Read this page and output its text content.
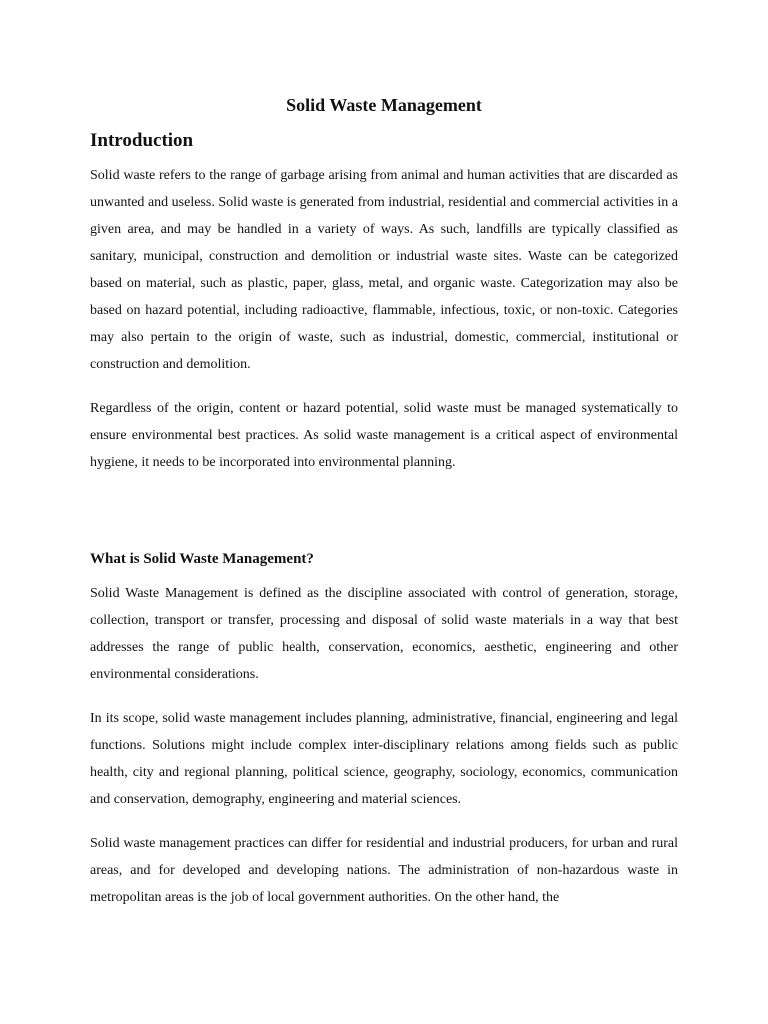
Solid Waste Management
Introduction

Solid waste refers to the range of garbage arising from animal and human activities that are discarded as unwanted and useless. Solid waste is generated from industrial, residential and commercial activities in a given area, and may be handled in a variety of ways. As such, landfills are typically classified as sanitary, municipal, construction and demolition or industrial waste sites. Waste can be categorized based on material, such as plastic, paper, glass, metal, and organic waste. Categorization may also be based on hazard potential, including radioactive, flammable, infectious, toxic, or non-toxic. Categories may also pertain to the origin of waste, such as industrial, domestic, commercial, institutional or construction and demolition.

Regardless of the origin, content or hazard potential, solid waste must be managed systematically to ensure environmental best practices. As solid waste management is a critical aspect of environmental hygiene, it needs to be incorporated into environmental planning.

What is Solid Waste Management?

Solid Waste Management is defined as the discipline associated with control of generation, storage, collection, transport or transfer, processing and disposal of solid waste materials in a way that best addresses the range of public health, conservation, economics, aesthetic, engineering and other environmental considerations.

In its scope, solid waste management includes planning, administrative, financial, engineering and legal functions. Solutions might include complex inter-disciplinary relations among fields such as public health, city and regional planning, political science, geography, sociology, economics, communication and conservation, demography, engineering and material sciences.

Solid waste management practices can differ for residential and industrial producers, for urban and rural areas, and for developed and developing nations. The administration of non-hazardous waste in metropolitan areas is the job of local government authorities. On the other hand, the
